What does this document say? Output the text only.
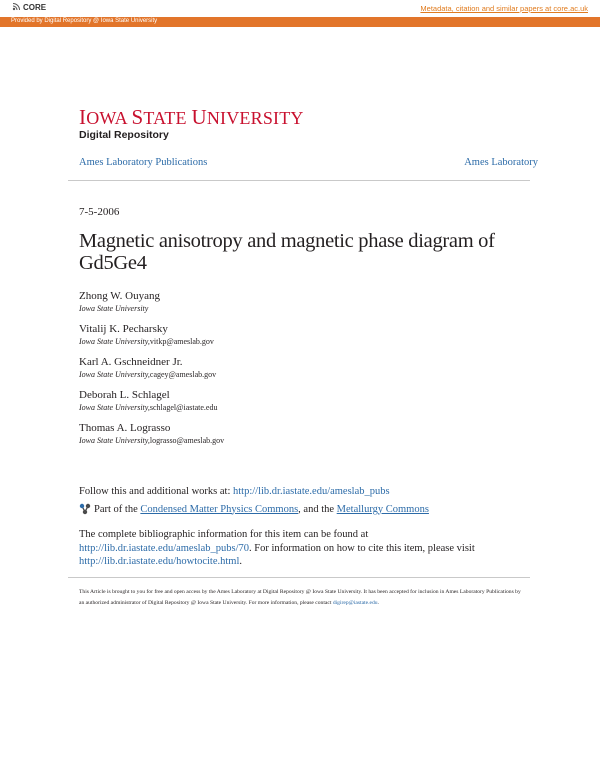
CORE	Metadata, citation and similar papers at core.ac.uk
Provided by Digital Repository @ Iowa State University
IOWA STATE UNIVERSITY
Digital Repository
Ames Laboratory Publications	Ames Laboratory
7-5-2006
Magnetic anisotropy and magnetic phase diagram of Gd5Ge4
Zhong W. Ouyang
Iowa State University
Vitalij K. Pecharsky
Iowa State University,vitkp@ameslab.gov
Karl A. Gschneidner Jr.
Iowa State University,cagey@ameslab.gov
Deborah L. Schlagel
Iowa State University,schlagel@iastate.edu
Thomas A. Lograsso
Iowa State University,lograsso@ameslab.gov
Follow this and additional works at: http://lib.dr.iastate.edu/ameslab_pubs
Part of the Condensed Matter Physics Commons , and the Metallurgy Commons
The complete bibliographic information for this item can be found at http://lib.dr.iastate.edu/ameslab_pubs/70. For information on how to cite this item, please visit http://lib.dr.iastate.edu/howtocite.html.
This Article is brought to you for free and open access by the Ames Laboratory at Digital Repository @ Iowa State University. It has been accepted for inclusion in Ames Laboratory Publications by an authorized administrator of Digital Repository @ Iowa State University. For more information, please contact digirep@iastate.edu.
